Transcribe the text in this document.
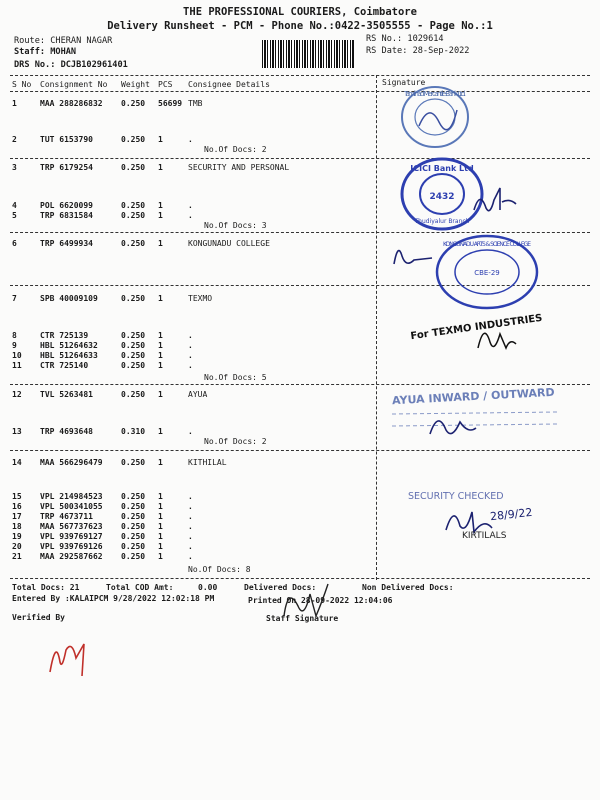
THE PROFESSIONAL COURIERS, Coimbatore
Delivery Runsheet - PCM - Phone No.:0422-3505555 - Page No.:1
Route: CHERAN NAGAR
Staff: MOHAN
DRS No.: DCJB102961401
RS No.: 1029614
RS Date: 28-Sep-2022
S No Consignment No Weight PCS Consignee Details	Signature
1	MAA 288286832 0.250 56699 TMB
2	TUT 6153790	0.250 1	.
3	TRP 6179254	0.250 1	SECURITY AND PERSONAL
4	POL 6620099	0.250 1	.
5	TRP 6831584	0.250 1	.
6	TRP 6499934	0.250 1	KONGUNADU COLLEGE
7	SPB 40009109	0.250 1	TEXMO
8	CTR 725139	0.250 1	.
9	HBL 51264632	0.250 1	.
10 HBL 51264633	0.250 1	.
11 CTR 725140	0.250 1	.
12 TVL 5263481	0.250 1	AYUA
13 TRP 4693648	0.310 1	.
14 MAA 566296479 0.250 1	KITHILAL
15 VPL 214984523 0.250 1	.
16 VPL 500341055 0.250 1	.
17 TRP 4673711	0.250 1	.
18 MAA 567737623 0.250 1	.
19 VPL 939769127 0.250 1	.
20 VPL 939769126 0.250 1	.
21 MAA 292587662 0.250 1	.
No.Of Docs: 2
No.Of Docs: 3
No.Of Docs: 5
No.Of Docs: 2
No.Of Docs: 8
Total Docs: 21	Total COD Amt:	0.00	Delivered Docs:	Non Delivered Docs:
Entered By :KALAIPCM 9/28/2022 12:02:18 PM	Printed On 28-09-2022 12:04:06
Verified By	Staff Signature
Tamilnad Mercantile Bank Ltd.
ICICI Bank Ltd
2432
Thudiyalur Branch
KONGUNADU ARTS & SCIENCE COLLEGE
CBE-29
For TEXMO INDUSTRIES
AYUA INWARD / OUTWARD
SECURITY CHECKED
28/9/22
KIRTILALS
